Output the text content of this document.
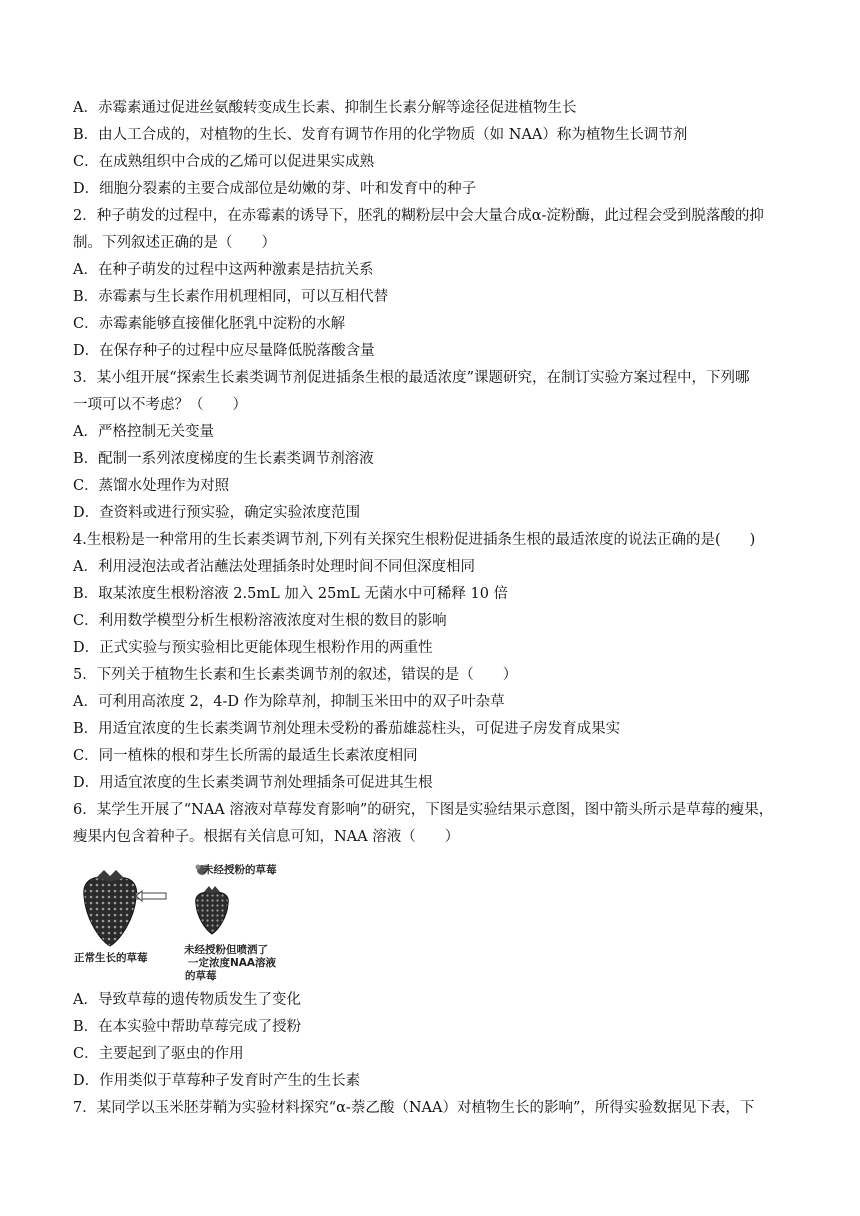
A．赤霉素通过促进丝氨酸转变成生长素、抑制生长素分解等途径促进植物生长
B．由人工合成的，对植物的生长、发育有调节作用的化学物质（如 NAA）称为植物生长调节剂
C．在成熟组织中合成的乙烯可以促进果实成熟
D．细胞分裂素的主要合成部位是幼嫩的芽、叶和发育中的种子
2．种子萌发的过程中，在赤霉素的诱导下，胚乳的糊粉层中会大量合成α-淀粉酶，此过程会受到脱落酸的抑
制。下列叙述正确的是（　　）
A．在种子萌发的过程中这两种激素是拮抗关系
B．赤霉素与生长素作用机理相同，可以互相代替
C．赤霉素能够直接催化胚乳中淀粉的水解
D．在保存种子的过程中应尽量降低脱落酸含量
3．某小组开展“探索生长素类调节剂促进插条生根的最适浓度”课题研究，在制订实验方案过程中，下列哪
一项可以不考虑？（　　）
A．严格控制无关变量
B．配制一系列浓度梯度的生长素类调节剂溶液
C．蒸馏水处理作为对照
D．查资料或进行预实验，确定实验浓度范围
4.生根粉是一种常用的生长素类调节剂,下列有关探究生根粉促进插条生根的最适浓度的说法正确的是(　　)
A．利用浸泡法或者沾蘸法处理插条时处理时间不同但深度相同
B．取某浓度生根粉溶液 2.5mL 加入 25mL 无菌水中可稀释 10 倍
C．利用数学模型分析生根粉溶液浓度对生根的数目的影响
D．正式实验与预实验相比更能体现生根粉作用的两重性
5．下列关于植物生长素和生长素类调节剂的叙述，错误的是（　　）
A．可利用高浓度 2，4-D 作为除草剂，抑制玉米田中的双子叶杂草
B．用适宜浓度的生长素类调节剂处理未受粉的番茄雄蕊柱头，可促进子房发育成果实
C．同一植株的根和芽生长所需的最适生长素浓度相同
D．用适宜浓度的生长素类调节剂处理插条可促进其生根
6．某学生开展了“NAA 溶液对草莓发育影响”的研究，下图是实验结果示意图，图中箭头所示是草莓的瘦果，
瘦果内包含着种子。根据有关信息可知，NAA 溶液（　　）
未经授粉的草莓
正常生长的草莓
未经授粉但喷洒了
一定浓度NAA溶液
的草莓
A．导致草莓的遗传物质发生了变化
B．在本实验中帮助草莓完成了授粉
C．主要起到了驱虫的作用
D．作用类似于草莓种子发育时产生的生长素
7．某同学以玉米胚芽鞘为实验材料探究“α-萘乙酸（NAA）对植物生长的影响”，所得实验数据见下表，下
